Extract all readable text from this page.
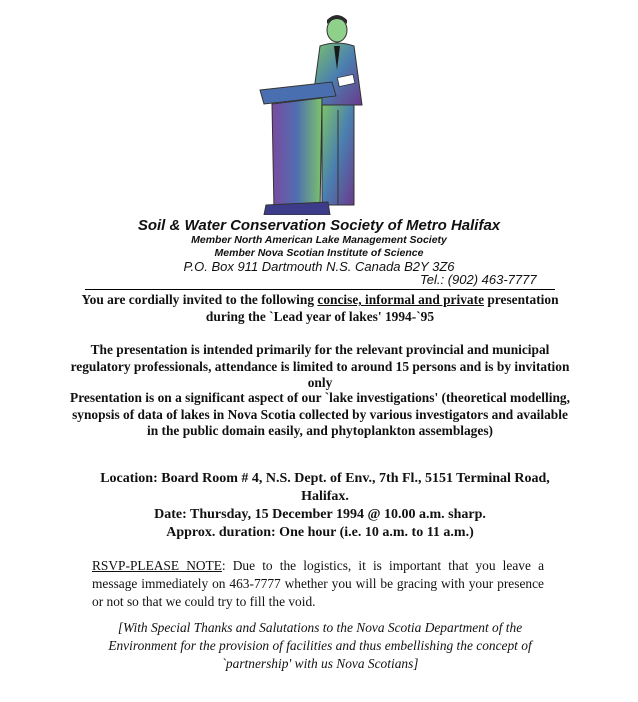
Soil & Water Conservation Society of Metro Halifax
Member North American Lake Management Society
Member Nova Scotian Institute of Science
P.O. Box 911 Dartmouth N.S. Canada B2Y 3Z6
Tel.: (902) 463-7777
You are cordially invited to the following concise, informal and private presentation during the `Lead year of lakes' 1994-`95
The presentation is intended primarily for the relevant provincial and municipal regulatory professionals, attendance is limited to around 15 persons and is by invitation only
Presentation is on a significant aspect of our `lake investigations' (theoretical modelling, synopsis of data of lakes in Nova Scotia collected by various investigators and available in the public domain easily, and phytoplankton assemblages)
Location: Board Room # 4, N.S. Dept. of Env., 7th Fl., 5151 Terminal Road, Halifax.
Date: Thursday, 15 December 1994 @ 10.00 a.m. sharp.
Approx. duration: One hour (i.e. 10 a.m. to 11 a.m.)
RSVP-PLEASE NOTE: Due to the logistics, it is important that you leave a message immediately on 463-7777 whether you will be gracing with your presence or not so that we could try to fill the void.
[With Special Thanks and Salutations to the Nova Scotia Department of the Environment for the provision of facilities and thus embellishing the concept of `partnership' with us Nova Scotians]
